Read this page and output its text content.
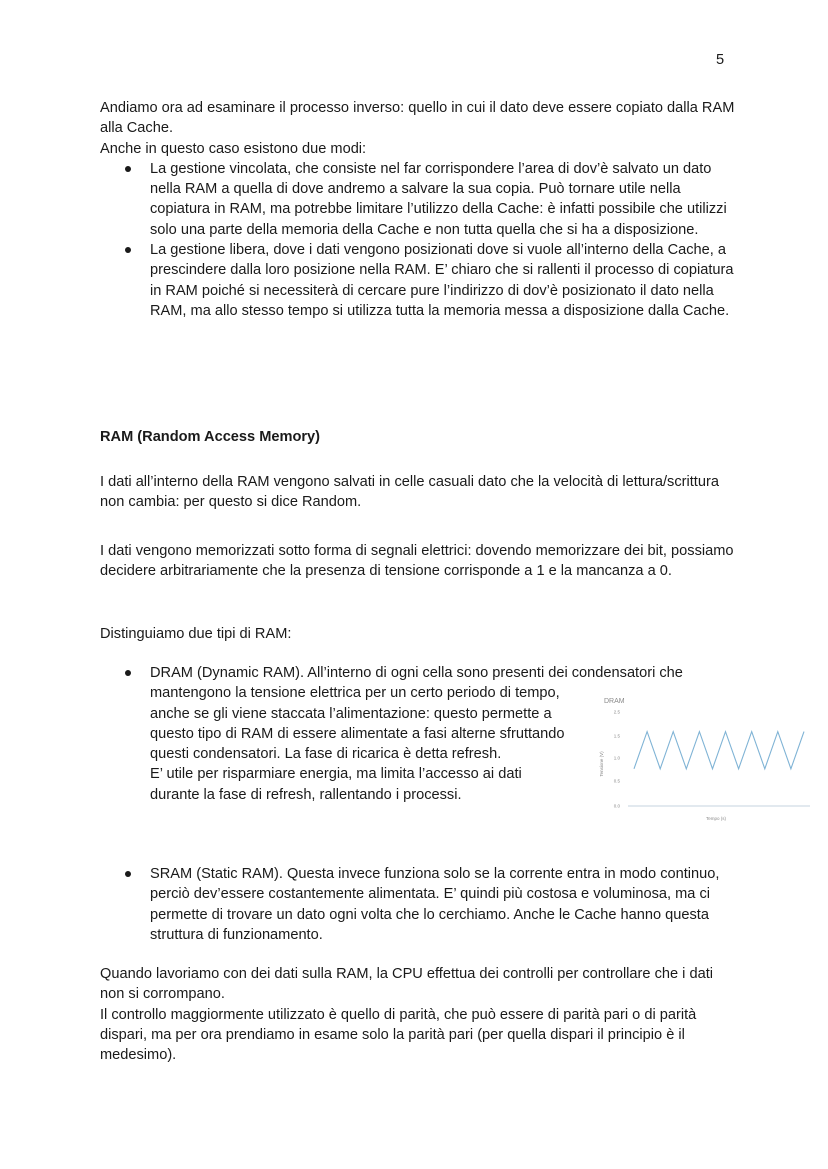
5

Andiamo ora ad esaminare il processo inverso: quello in cui il dato deve essere copiato dalla RAM alla Cache.

Anche in questo caso esistono due modi:

La gestione vincolata, che consiste nel far corrispondere l’area di dov’è salvato un dato nella RAM a quella di dove andremo a salvare la sua copia. Può tornare utile nella copiatura in RAM, ma potrebbe limitare l’utilizzo della Cache: è infatti possibile che utilizzi solo una parte della memoria della Cache e non tutta quella che si ha a disposizione.
La gestione libera, dove i dati vengono posizionati dove si vuole all’interno della Cache, a prescindere dalla loro posizione nella RAM. E’ chiaro che si rallenti il processo di copiatura in RAM poiché si necessiterà di cercare pure l’indirizzo di dov’è posizionato il dato nella RAM, ma allo stesso tempo si utilizza tutta la memoria messa a disposizione dalla Cache.

RAM (Random Access Memory)

I dati all’interno della RAM vengono salvati in celle casuali dato che la velocità di lettura/scrittura non cambia: per questo si dice Random.

I dati vengono memorizzati sotto forma di segnali elettrici: dovendo memorizzare dei bit, possiamo decidere arbitrariamente che la presenza di tensione corrisponde a 1 e la mancanza a 0.

Distinguiamo due tipi di RAM:

DRAM (Dynamic RAM). All’interno di ogni cella sono presenti dei condensatori che
mantengono la tensione elettrica per un certo periodo di tempo,
anche se gli viene staccata l’alimentazione: questo permette a
questo tipo di RAM di essere alimentate a fasi alterne sfruttando
questi condensatori. La fase di ricarica è detta refresh.
E’ utile per risparmiare energia, ma limita l’accesso ai dati
durante la fase di refresh, rallentando i processi.
DRAM
2.5
1.5
1.0
0.5
0.0
Tensione (V)
Tempo (s)
SRAM (Static RAM). Questa invece funziona solo se la corrente entra in modo continuo, perciò dev’essere costantemente alimentata. E’ quindi più costosa e voluminosa, ma ci permette di trovare un dato ogni volta che lo cerchiamo. Anche le Cache hanno questa struttura di funzionamento.

Quando lavoriamo con dei dati sulla RAM, la CPU effettua dei controlli per controllare che i dati non si corrompano.

Il controllo maggiormente utilizzato è quello di parità, che può essere di parità pari o di parità dispari, ma per ora prendiamo in esame solo la parità pari (per quella dispari il principio è il medesimo).
